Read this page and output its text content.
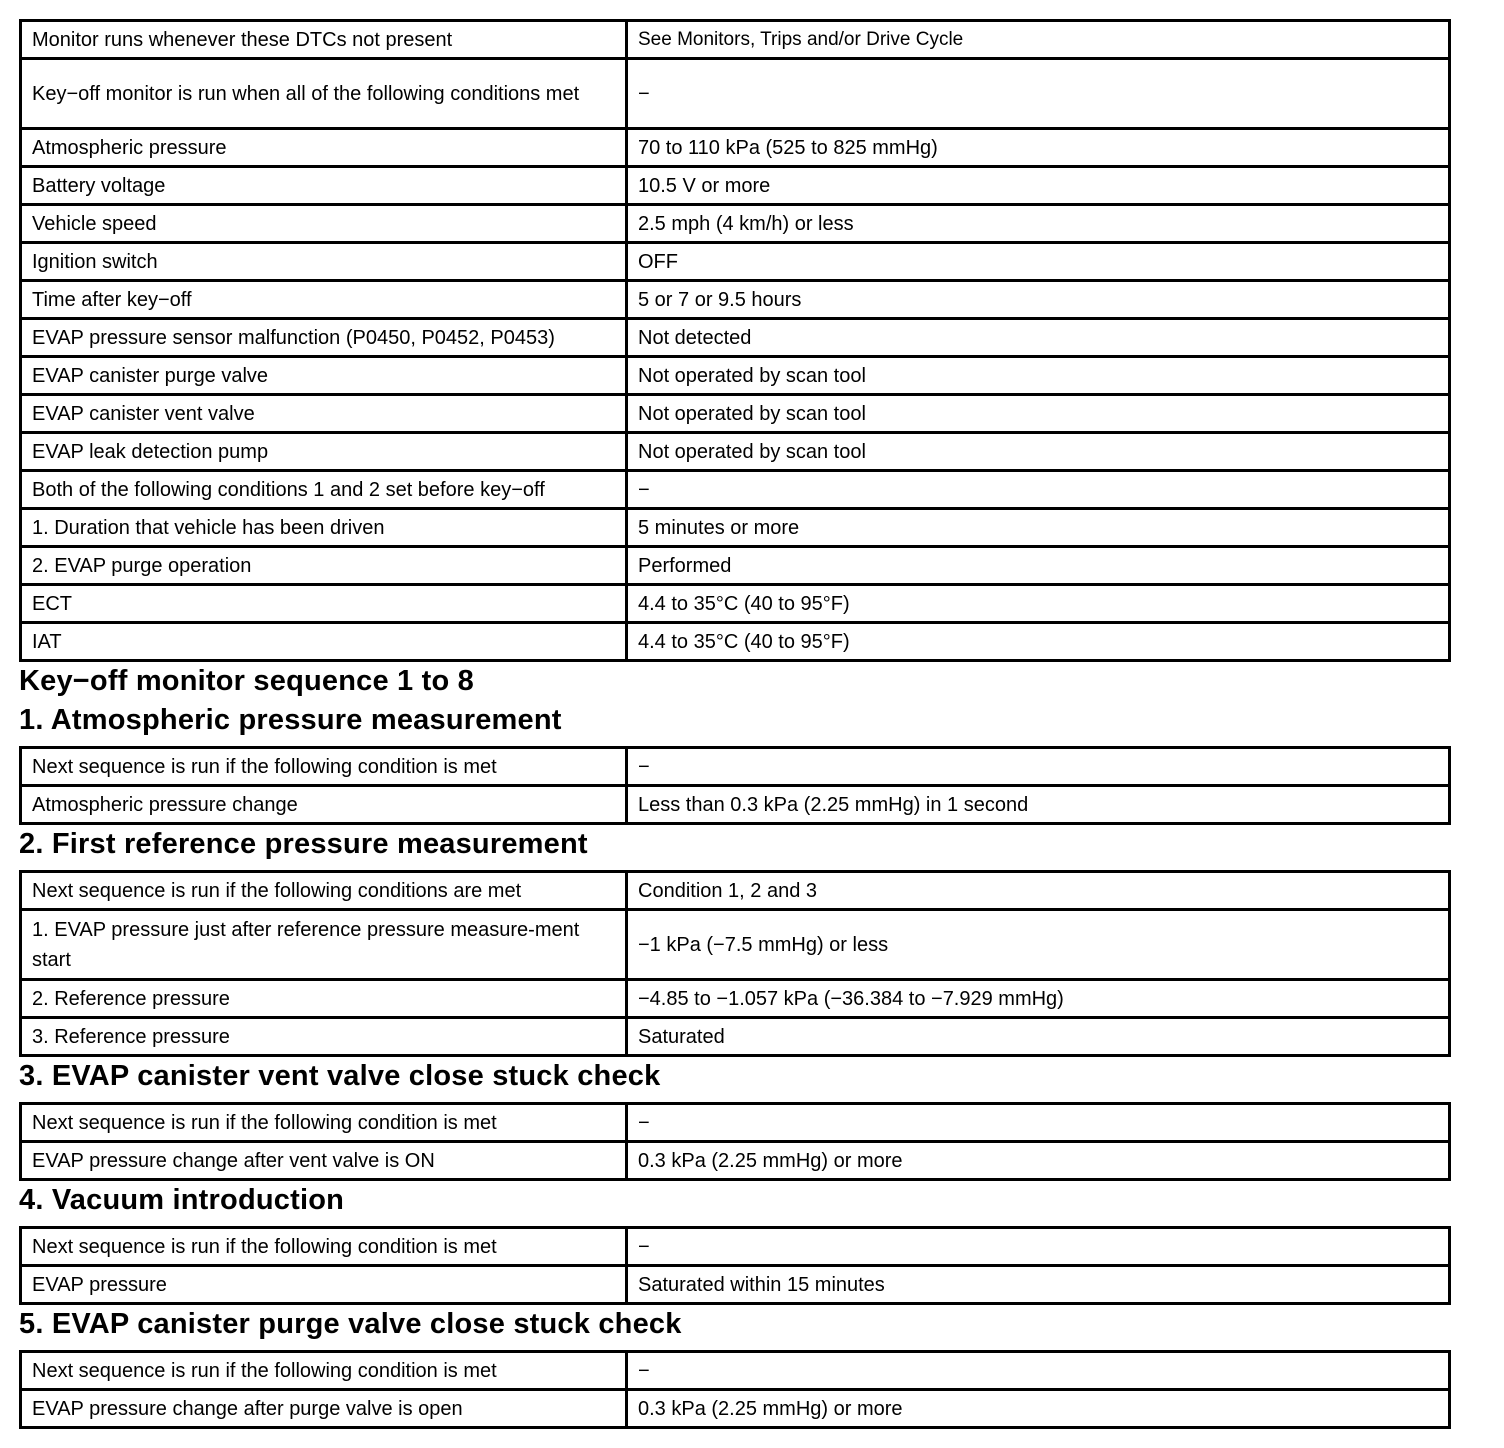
Monitor runs whenever these DTCs not present	See Monitors, Trips and/or Drive Cycle
Key−off monitor is run when all of the following conditions met	−
Atmospheric pressure	70 to 110 kPa (525 to 825 mmHg)
Battery voltage	10.5 V or more
Vehicle speed	2.5 mph (4 km/h) or less
Ignition switch	OFF
Time after key−off	5 or 7 or 9.5 hours
EVAP pressure sensor malfunction (P0450, P0452, P0453)	Not detected
EVAP canister purge valve	Not operated by scan tool
EVAP canister vent valve	Not operated by scan tool
EVAP leak detection pump	Not operated by scan tool
Both of the following conditions 1 and 2 set before key−off	−
1. Duration that vehicle has been driven	5 minutes or more
2. EVAP purge operation	Performed
ECT	4.4 to 35°C (40 to 95°F)
IAT	4.4 to 35°C (40 to 95°F)
Key−off monitor sequence 1 to 8
1. Atmospheric pressure measurement
Next sequence is run if the following condition is met	−
Atmospheric pressure change	Less than 0.3 kPa (2.25 mmHg) in 1 second
2. First reference pressure measurement
Next sequence is run if the following conditions are met	Condition 1, 2 and 3
1. EVAP pressure just after reference pressure measure-ment start	−1 kPa (−7.5 mmHg) or less
2. Reference pressure	−4.85 to −1.057 kPa (−36.384 to −7.929 mmHg)
3. Reference pressure	Saturated
3. EVAP canister vent valve close stuck check
Next sequence is run if the following condition is met	−
EVAP pressure change after vent valve is ON	0.3 kPa (2.25 mmHg) or more
4. Vacuum introduction
Next sequence is run if the following condition is met	−
EVAP pressure	Saturated within 15 minutes
5. EVAP canister purge valve close stuck check
Next sequence is run if the following condition is met	−
EVAP pressure change after purge valve is open	0.3 kPa (2.25 mmHg) or more
